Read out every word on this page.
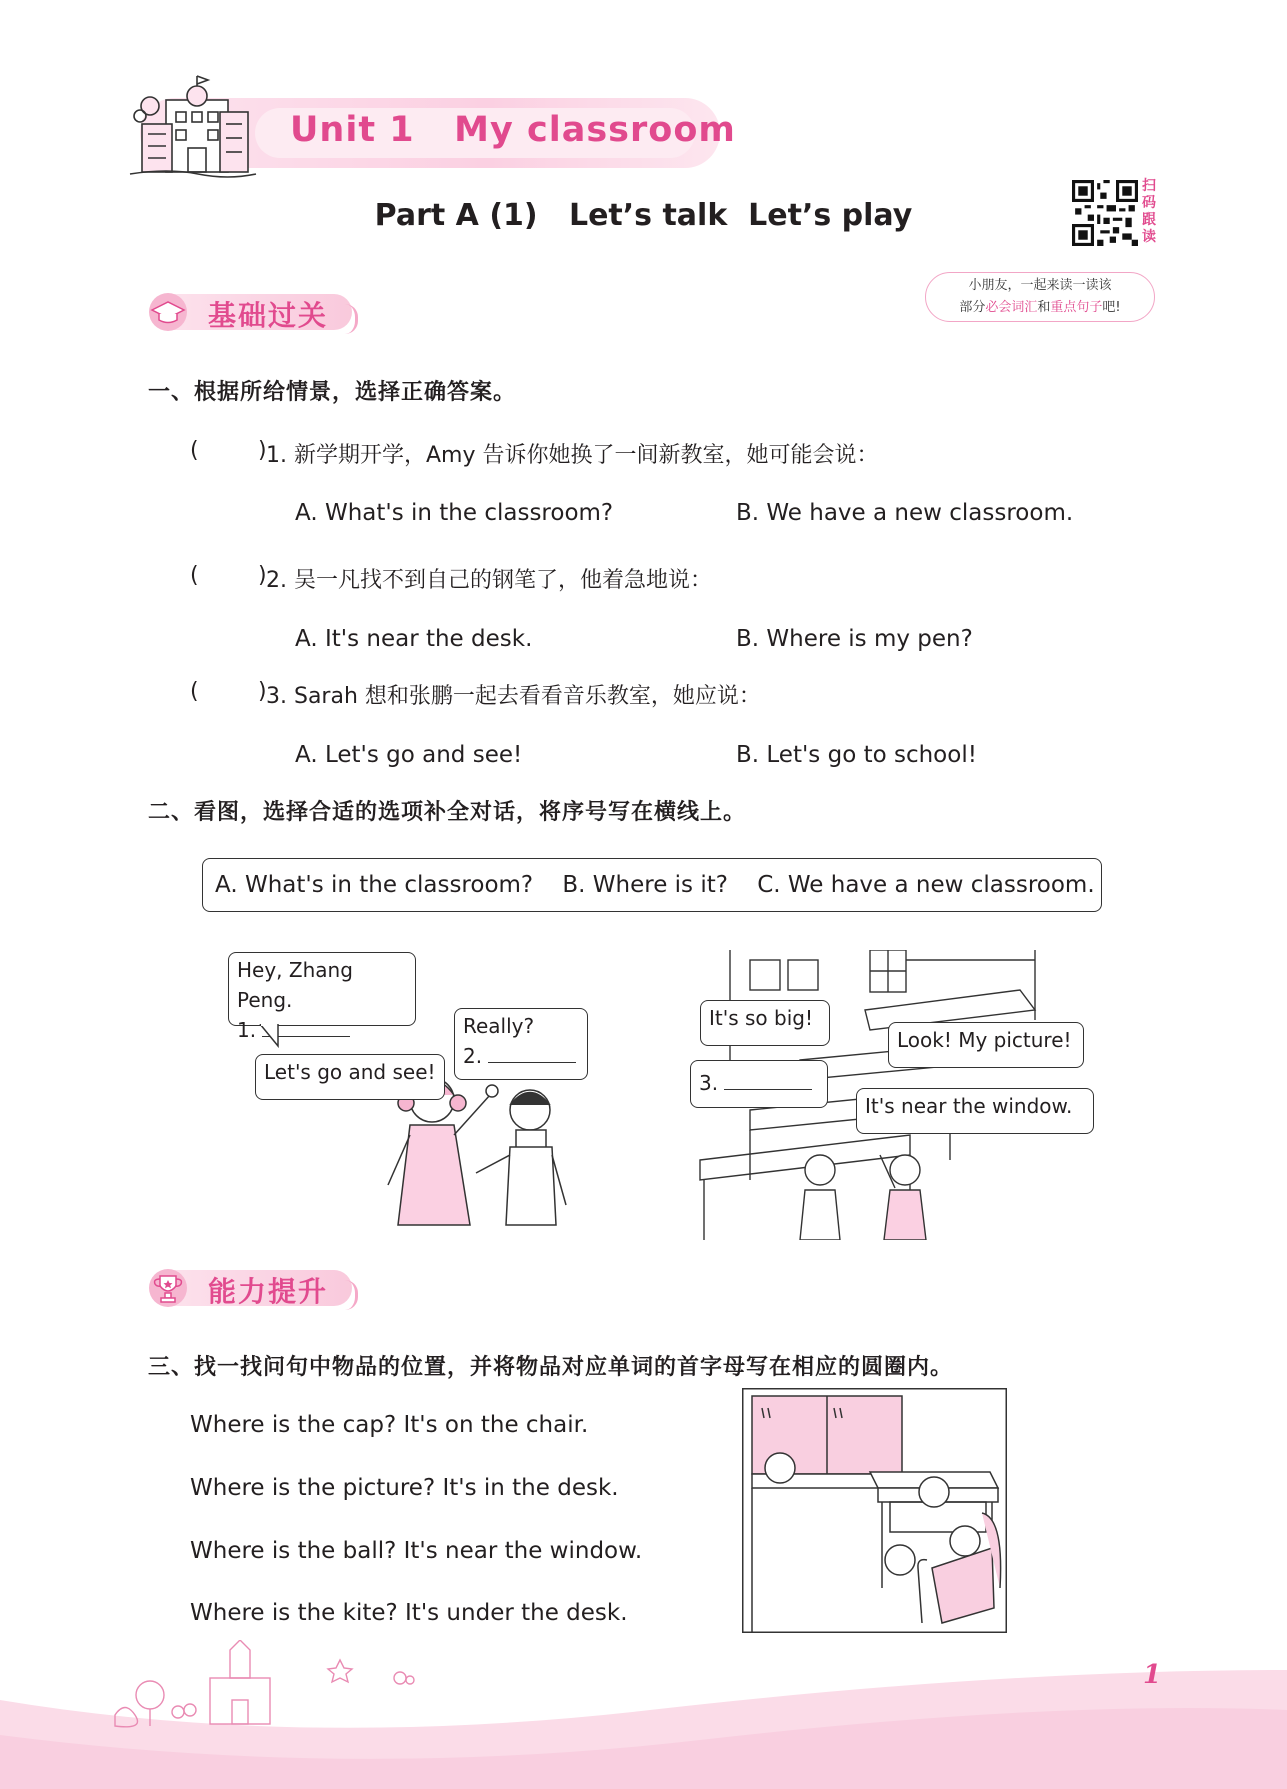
Unit 1   My classroom
Part A (1)   Let’s talk  Let’s play
扫码跟读
小朋友，一起来读一读该
部分必会词汇和重点句子吧!
基础过关
一、根据所给情景，选择正确答案。
(	) 1. 新学期开学，Amy 告诉你她换了一间新教室，她可能会说：
A. What's in the classroom?	B. We have a new classroom.
(	) 2. 吴一凡找不到自己的钢笔了，他着急地说：
A. It's near the desk.	B. Where is my pen?
(	) 3. Sarah 想和张鹏一起去看看音乐教室，她应说：
A. Let's go and see!	B. Let's go to school!
二、看图，选择合适的选项补全对话，将序号写在横线上。
A. What's in the classroom?    B. Where is it?    C. We have a new classroom.
Hey, Zhang Peng.
1.	Really?
2.
Let's go and see!
It's so big!
Look! My picture!
3.
It's near the window.
能力提升
三、找一找问句中物品的位置，并将物品对应单词的首字母写在相应的圆圈内。
Where is the cap? It's on the chair.
Where is the picture? It's in the desk.
Where is the ball? It's near the window.
Where is the kite? It's under the desk.
1
